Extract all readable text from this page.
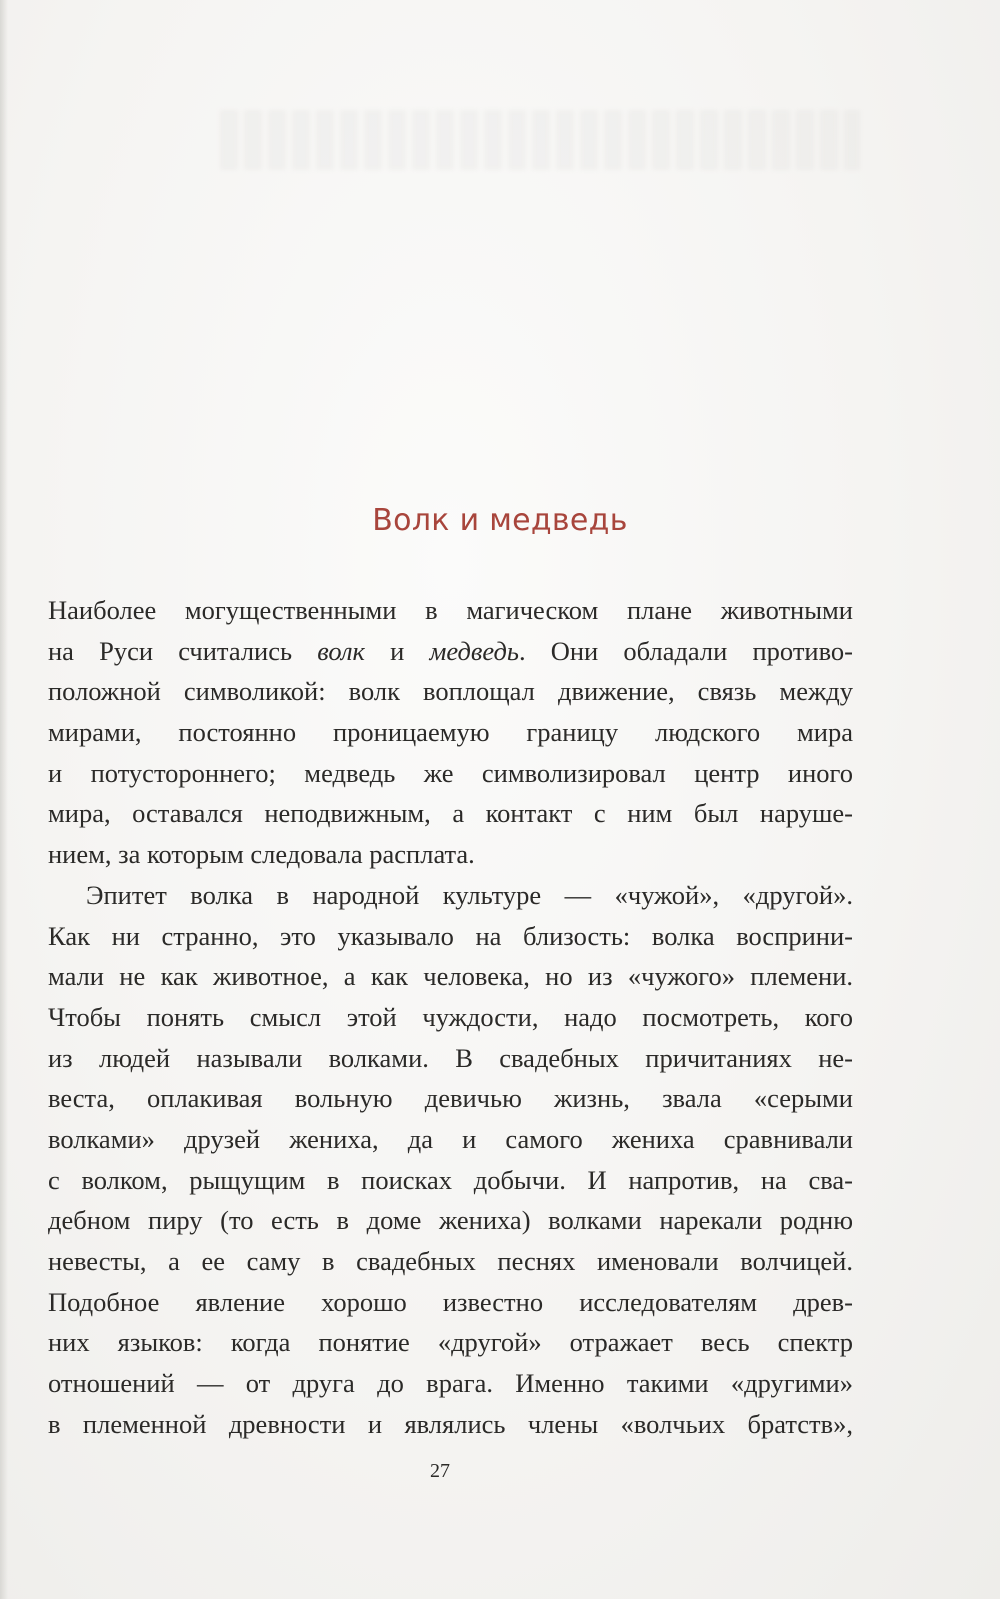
Волк и медведь
Наиболее могущественными в магическом плане животными
на Руси считались волк и медведь. Они обладали противо-
положной символикой: волк воплощал движение, связь между
мирами, постоянно проницаемую границу людского мира
и потустороннего; медведь же символизировал центр иного
мира, оставался неподвижным, а контакт с ним был наруше-
нием, за которым следовала расплата.
Эпитет волка в народной культуре — «чужой», «другой».
Как ни странно, это указывало на близость: волка восприни-
мали не как животное, а как человека, но из «чужого» племени.
Чтобы понять смысл этой чуждости, надо посмотреть, кого
из людей называли волками. В свадебных причитаниях не-
веста, оплакивая вольную девичью жизнь, звала «серыми
волками» друзей жениха, да и самого жениха сравнивали
с волком, рыщущим в поисках добычи. И напротив, на сва-
дебном пиру (то есть в доме жениха) волками нарекали родню
невесты, а ее саму в свадебных песнях именовали волчицей.
Подобное явление хорошо известно исследователям древ-
них языков: когда понятие «другой» отражает весь спектр
отношений — от друга до врага. Именно такими «другими»
в племенной древности и являлись члены «волчьих братств»,
27
